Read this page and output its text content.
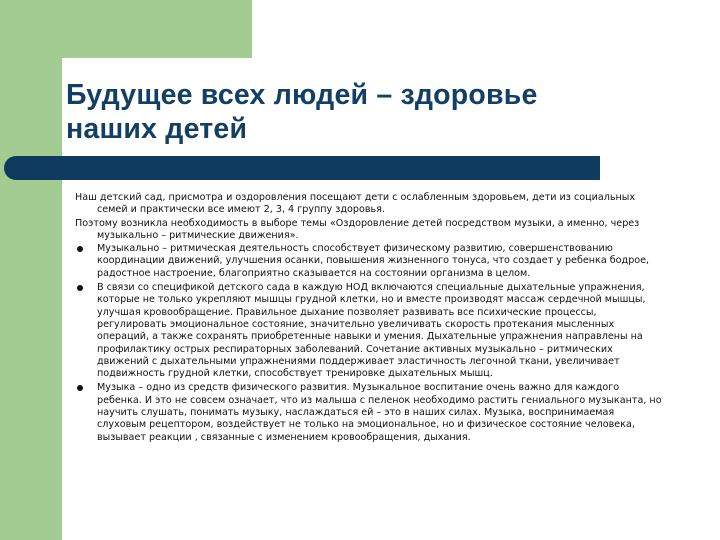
Будущее всех людей – здоровье
наших детей

Наш детский сад, присмотра и оздоровления посещают дети с ослабленным здоровьем, дети из социальных семей и практически все имеют 2, 3, 4 группу здоровья.

Поэтому возникла необходимость в выборе темы «Оздоровление детей посредством музыки, а именно, через музыкально – ритмические движения».

Музыкально – ритмическая деятельность способствует физическому развитию, совершенствованию координации движений, улучшения осанки, повышения жизненного тонуса, что создает у ребенка бодрое, радостное настроение, благоприятно сказывается на состоянии организма в целом.
В связи со спецификой детского сада в каждую НОД включаются специальные дыхательные упражнения, которые не только укрепляют мышцы грудной клетки, но и вместе производят массаж сердечной мышцы, улучшая кровообращение. Правильное дыхание позволяет развивать все психические процессы, регулировать эмоциональное состояние, значительно увеличивать скорость протекания мысленных операций, а также сохранять приобретенные навыки и умения. Дыхательные упражнения направлены на профилактику острых респираторных заболеваний. Сочетание активных музыкально – ритмических движений с дыхательными упражнениями поддерживает эластичность легочной ткани, увеличивает подвижность грудной клетки, способствует тренировке дыхательных мышц.
Музыка – одно из средств физического развития. Музыкальное воспитание очень важно для каждого ребенка. И это не совсем означает, что из малыша с пеленок необходимо растить гениального музыканта, но научить слушать, понимать музыку, наслаждаться ей – это в наших силах. Музыка, воспринимаемая слуховым рецептором, воздействует не только на эмоциональное, но и физическое состояние человека, вызывает реакции , связанные с изменением кровообращения, дыхания.
